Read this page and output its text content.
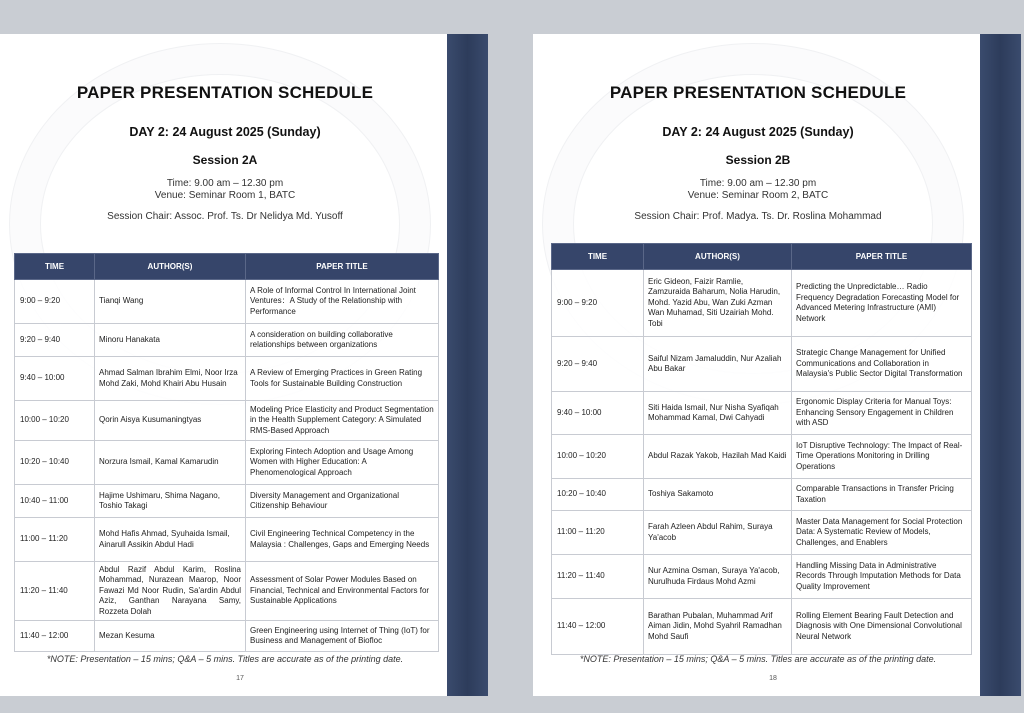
PAPER PRESENTATION SCHEDULE
DAY 2: 24 August 2025 (Sunday)
Session 2A
Time: 9.00 am – 12.30 pm
Venue: Seminar Room 1, BATC
Session Chair: Assoc. Prof. Ts. Dr Nelidya Md. Yusoff
TIME	AUTHOR(S)	PAPER TITLE
9:00 – 9:20	Tianqi Wang	A Role of Informal Control In International Joint Ventures：A Study of the Relationship with Performance
9:20 – 9:40	Minoru Hanakata	A consideration on building collaborative relationships between organizations
9:40 – 10:00	Ahmad Salman Ibrahim Elmi, Noor Irza Mohd Zaki, Mohd Khairi Abu Husain	A Review of Emerging Practices in Green Rating Tools for Sustainable Building Construction
10:00 – 10:20	Qorin Aisya Kusumaningtyas	Modeling Price Elasticity and Product Segmentation in the Health Supplement Category: A Simulated RMS-Based Approach
10:20 – 10:40	Norzura Ismail, Kamal Kamarudin	Exploring Fintech Adoption and Usage Among Women with Higher Education: A Phenomenological Approach
10:40 – 11:00	Hajime Ushimaru, Shima Nagano, Toshio Takagi	Diversity Management and Organizational Citizenship Behaviour
11:00 – 11:20	Mohd Hafis Ahmad, Syuhaida Ismail, Ainarull Assikin Abdul Hadi	Civil Engineering Technical Competency in the Malaysia : Challenges, Gaps and Emerging Needs
11:20 – 11:40	Abdul Razif Abdul Karim, Roslina Mohammad, Nurazean Maarop, Noor Fawazi Md Noor Rudin, Sa'ardin Abdul Aziz, Ganthan Narayana Samy, Rozzeta Dolah	Assessment of Solar Power Modules Based on Financial, Technical and Environmental Factors for Sustainable Applications
11:40 – 12:00	Mezan Kesuma	Green Engineering using Internet of Thing (IoT) for Business and Management of Biofloc
*NOTE: Presentation – 15 mins; Q&A – 5 mins. Titles are accurate as of the printing date.
17
PAPER PRESENTATION SCHEDULE
DAY 2: 24 August 2025 (Sunday)
Session 2B
Time: 9.00 am – 12.30 pm
Venue: Seminar Room 2, BATC
Session Chair: Prof. Madya. Ts. Dr. Roslina Mohammad
TIME	AUTHOR(S)	PAPER TITLE
9:00 – 9:20	Eric Gideon, Faizir Ramlie, Zamzuraida Baharum, Nolia Harudin, Mohd. Yazid Abu, Wan Zuki Azman Wan Muhamad, Siti Uzairiah Mohd. Tobi	Predicting the Unpredictable… Radio Frequency Degradation Forecasting Model for Advanced Metering Infrastructure (AMI) Network
9:20 – 9:40	Saiful Nizam Jamaluddin, Nur Azaliah Abu Bakar	Strategic Change Management for Unified Communications and Collaboration in Malaysia's Public Sector Digital Transformation
9:40 – 10:00	Siti Haida Ismail, Nur Nisha Syafiqah Mohammad Kamal, Dwi Cahyadi	Ergonomic Display Criteria for Manual Toys: Enhancing Sensory Engagement in Children with ASD
10:00 – 10:20	Abdul Razak Yakob, Hazilah Mad Kaidi	IoT Disruptive Technology: The Impact of Real-Time Operations Monitoring in Drilling Operations
10:20 – 10:40	Toshiya Sakamoto	Comparable Transactions in Transfer Pricing Taxation
11:00 – 11:20	Farah Azleen Abdul Rahim, Suraya Ya'acob	Master Data Management for Social Protection Data: A Systematic Review of Models, Challenges, and Enablers
11:20 – 11:40	Nur Azmina Osman, Suraya Ya'acob, Nurulhuda Firdaus Mohd Azmi	Handling Missing Data in Administrative Records Through Imputation Methods for Data Quality Improvement
11:40 – 12:00	Barathan Pubalan, Muhammad Arif Aiman Jidin, Mohd Syahril Ramadhan Mohd Saufi	Rolling Element Bearing Fault Detection and Diagnosis with One Dimensional Convolutional Neural Network
*NOTE: Presentation – 15 mins; Q&A – 5 mins. Titles are accurate as of the printing date.
18
